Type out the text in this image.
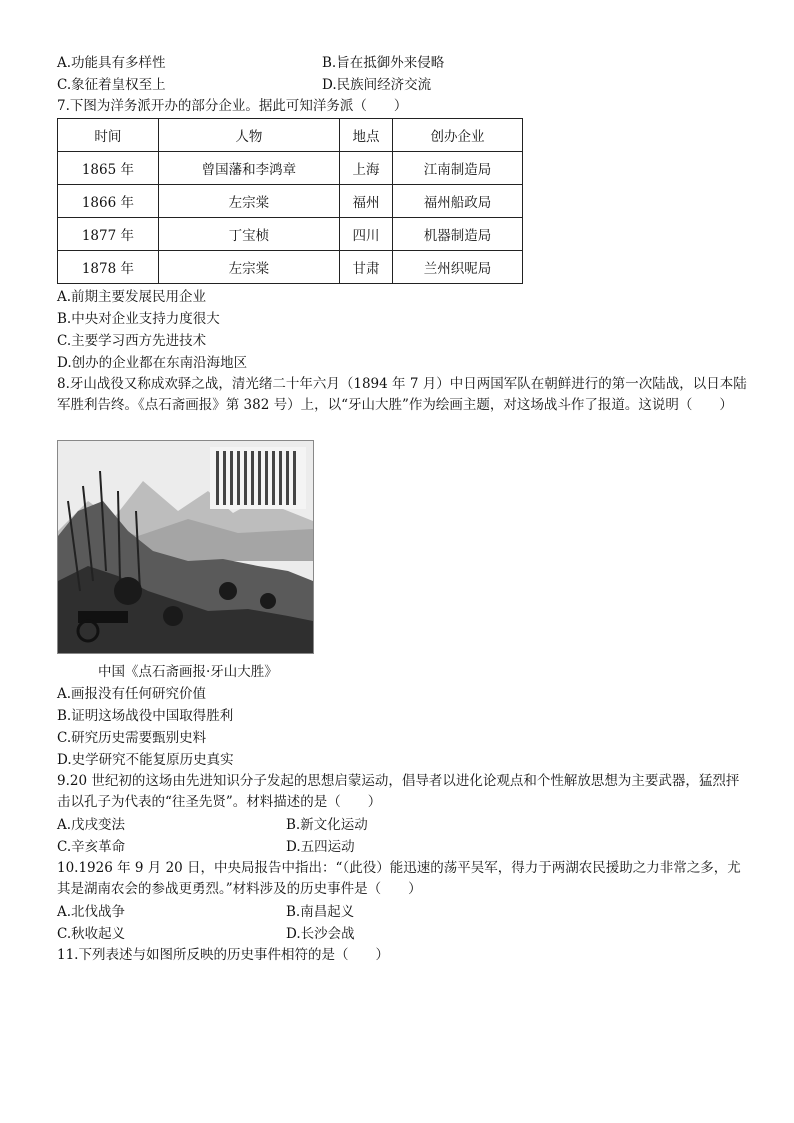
A.功能具有多样性	B.旨在抵御外来侵略
C.象征着皇权至上	D.民族间经济交流
7.下图为洋务派开办的部分企业。据此可知洋务派（　　）
时间	人物	地点	创办企业
1865 年	曾国藩和李鸿章	上海	江南制造局
1866 年	左宗棠	福州	福州船政局
1877 年	丁宝桢	四川	机器制造局
1878 年	左宗棠	甘肃	兰州织呢局
A.前期主要发展民用企业
B.中央对企业支持力度很大
C.主要学习西方先进技术
D.创办的企业都在东南沿海地区
8.牙山战役又称成欢驿之战，清光绪二十年六月（1894 年 7 月）中日两国军队在朝鲜进行的第一次陆战，以日本陆军胜利告终。《点石斋画报》第 382 号）上，以“牙山大胜”作为绘画主题，对这场战斗作了报道。这说明（　　）
中国《点石斋画报·牙山大胜》
A.画报没有任何研究价值
B.证明这场战役中国取得胜利
C.研究历史需要甄别史料
D.史学研究不能复原历史真实
9.20 世纪初的这场由先进知识分子发起的思想启蒙运动，倡导者以进化论观点和个性解放思想为主要武器，猛烈抨击以孔子为代表的“往圣先贤”。材料描述的是（　　）
A.戊戌变法	B.新文化运动
C.辛亥革命	D.五四运动
10.1926 年 9 月 20 日，中央局报告中指出：“（此役）能迅速的荡平吴军，得力于两湖农民援助之力非常之多，尤其是湖南农会的参战更勇烈。”材料涉及的历史事件是（　　）
A.北伐战争	B.南昌起义
C.秋收起义	D.长沙会战
11.下列表述与如图所反映的历史事件相符的是（　　）
